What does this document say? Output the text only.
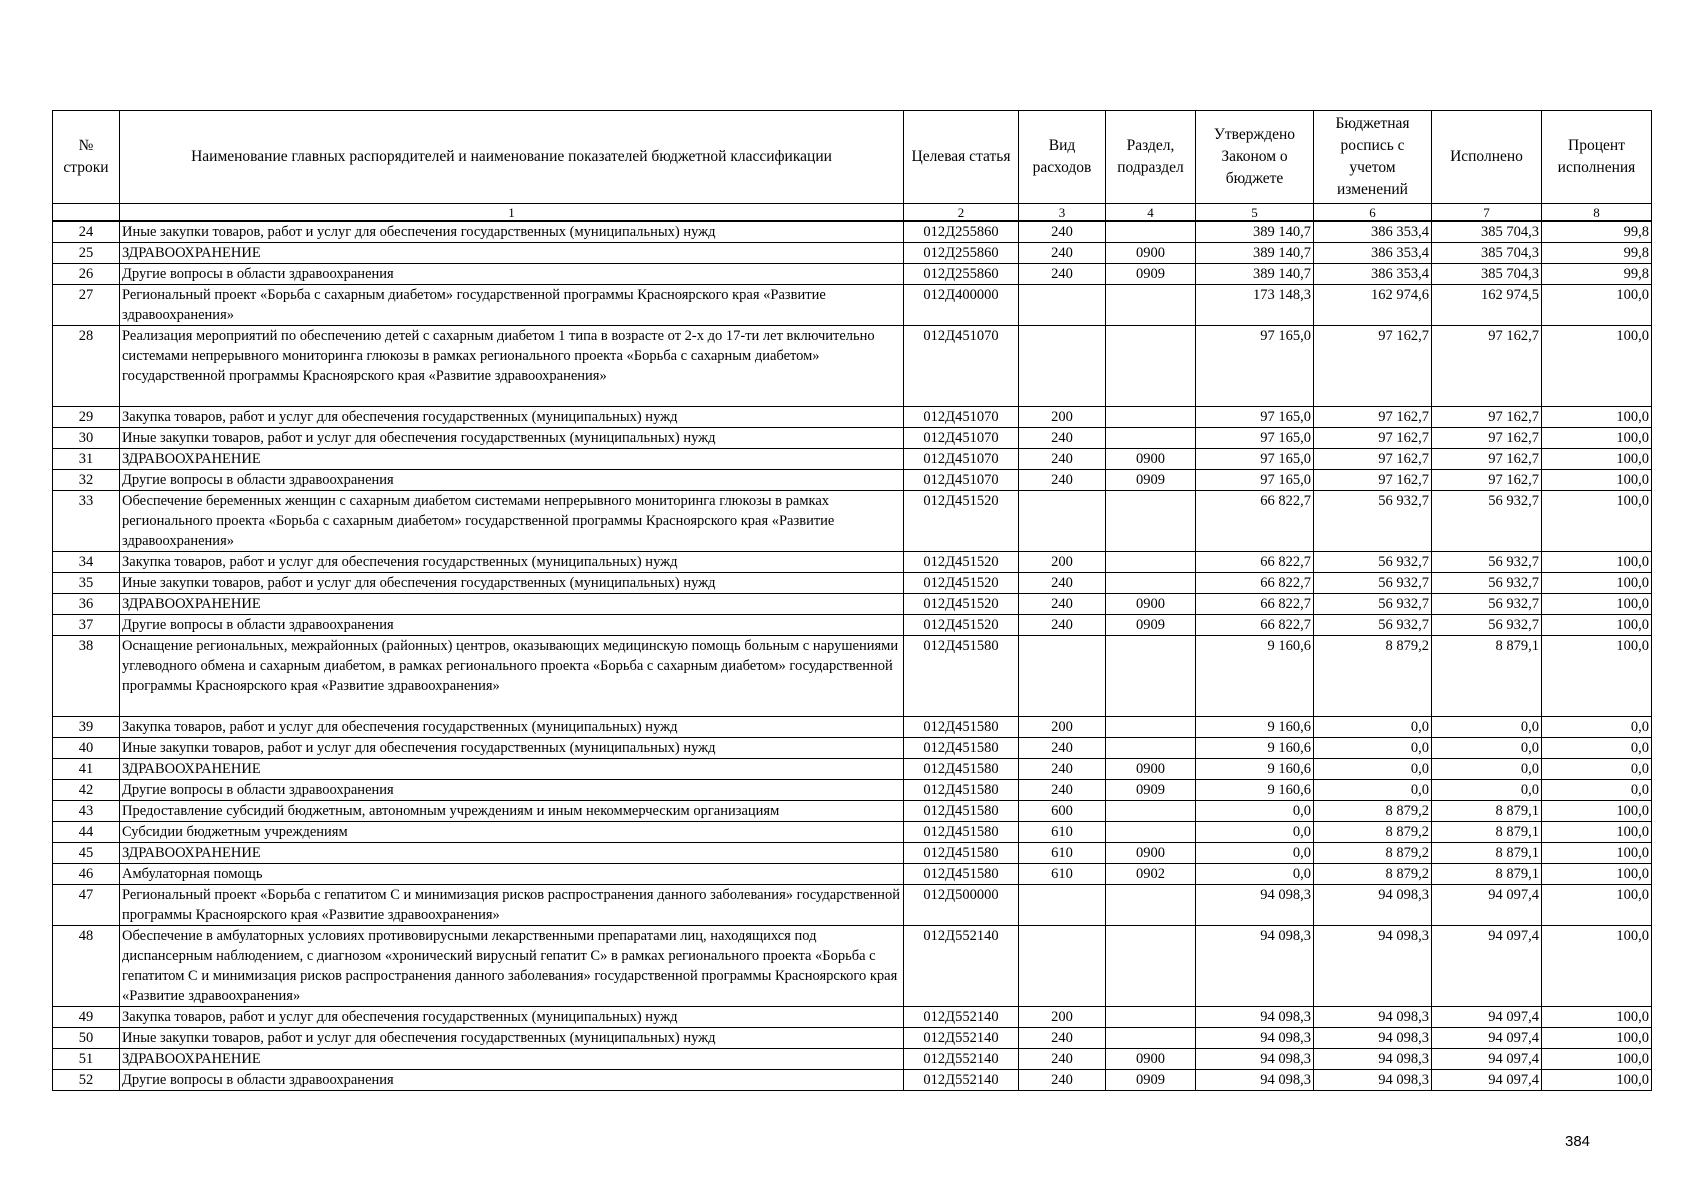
№ строки	Наименование главных распорядителей и наименование показателей бюджетной классификации	Целевая статья	Вид расходов	Раздел, подраздел	Утверждено Законом о бюджете	Бюджетная роспись с учетом изменений	Исполнено	Процент исполнения
	1	2	3	4	5	6	7	8
24	Иные закупки товаров, работ и услуг для обеспечения государственных (муниципальных) нужд	012Д255860	240		389 140,7	386 353,4	385 704,3	99,8
25	ЗДРАВООХРАНЕНИЕ	012Д255860	240	0900	389 140,7	386 353,4	385 704,3	99,8
26	Другие вопросы в области здравоохранения	012Д255860	240	0909	389 140,7	386 353,4	385 704,3	99,8
27	Региональный проект «Борьба с сахарным диабетом» государственной программы Красноярского края «Развитие здравоохранения»	012Д400000			173 148,3	162 974,6	162 974,5	100,0
28	Реализация мероприятий по обеспечению детей с сахарным диабетом 1 типа в возрасте от 2-х до 17-ти лет включительно системами непрерывного мониторинга глюкозы в рамках регионального проекта «Борьба с сахарным диабетом» государственной программы Красноярского края «Развитие здравоохранения»	012Д451070			97 165,0	97 162,7	97 162,7	100,0
29	Закупка товаров, работ и услуг для обеспечения государственных (муниципальных) нужд	012Д451070	200		97 165,0	97 162,7	97 162,7	100,0
30	Иные закупки товаров, работ и услуг для обеспечения государственных (муниципальных) нужд	012Д451070	240		97 165,0	97 162,7	97 162,7	100,0
31	ЗДРАВООХРАНЕНИЕ	012Д451070	240	0900	97 165,0	97 162,7	97 162,7	100,0
32	Другие вопросы в области здравоохранения	012Д451070	240	0909	97 165,0	97 162,7	97 162,7	100,0
33	Обеспечение беременных женщин с сахарным диабетом системами непрерывного мониторинга глюкозы в рамках регионального проекта «Борьба с сахарным диабетом» государственной программы Красноярского края «Развитие здравоохранения»	012Д451520			66 822,7	56 932,7	56 932,7	100,0
34	Закупка товаров, работ и услуг для обеспечения государственных (муниципальных) нужд	012Д451520	200		66 822,7	56 932,7	56 932,7	100,0
35	Иные закупки товаров, работ и услуг для обеспечения государственных (муниципальных) нужд	012Д451520	240		66 822,7	56 932,7	56 932,7	100,0
36	ЗДРАВООХРАНЕНИЕ	012Д451520	240	0900	66 822,7	56 932,7	56 932,7	100,0
37	Другие вопросы в области здравоохранения	012Д451520	240	0909	66 822,7	56 932,7	56 932,7	100,0
38	Оснащение региональных, межрайонных (районных) центров, оказывающих медицинскую помощь больным с нарушениями углеводного обмена и сахарным диабетом, в рамках регионального проекта «Борьба с сахарным диабетом» государственной программы Красноярского края «Развитие здравоохранения»	012Д451580			9 160,6	8 879,2	8 879,1	100,0
39	Закупка товаров, работ и услуг для обеспечения государственных (муниципальных) нужд	012Д451580	200		9 160,6	0,0	0,0	0,0
40	Иные закупки товаров, работ и услуг для обеспечения государственных (муниципальных) нужд	012Д451580	240		9 160,6	0,0	0,0	0,0
41	ЗДРАВООХРАНЕНИЕ	012Д451580	240	0900	9 160,6	0,0	0,0	0,0
42	Другие вопросы в области здравоохранения	012Д451580	240	0909	9 160,6	0,0	0,0	0,0
43	Предоставление субсидий бюджетным, автономным учреждениям и иным некоммерческим организациям	012Д451580	600		0,0	8 879,2	8 879,1	100,0
44	Субсидии бюджетным учреждениям	012Д451580	610		0,0	8 879,2	8 879,1	100,0
45	ЗДРАВООХРАНЕНИЕ	012Д451580	610	0900	0,0	8 879,2	8 879,1	100,0
46	Амбулаторная помощь	012Д451580	610	0902	0,0	8 879,2	8 879,1	100,0
47	Региональный проект «Борьба с гепатитом С и минимизация рисков распространения данного заболевания» государственной программы Красноярского края «Развитие здравоохранения»	012Д500000			94 098,3	94 098,3	94 097,4	100,0
48	Обеспечение в амбулаторных условиях противовирусными лекарственными препаратами лиц, находящихся под диспансерным наблюдением, с диагнозом «хронический вирусный гепатит С» в рамках регионального проекта «Борьба с гепатитом С и минимизация рисков распространения данного заболевания» государственной программы Красноярского края «Развитие здравоохранения»	012Д552140			94 098,3	94 098,3	94 097,4	100,0
49	Закупка товаров, работ и услуг для обеспечения государственных (муниципальных) нужд	012Д552140	200		94 098,3	94 098,3	94 097,4	100,0
50	Иные закупки товаров, работ и услуг для обеспечения государственных (муниципальных) нужд	012Д552140	240		94 098,3	94 098,3	94 097,4	100,0
51	ЗДРАВООХРАНЕНИЕ	012Д552140	240	0900	94 098,3	94 098,3	94 097,4	100,0
52	Другие вопросы в области здравоохранения	012Д552140	240	0909	94 098,3	94 098,3	94 097,4	100,0
384
